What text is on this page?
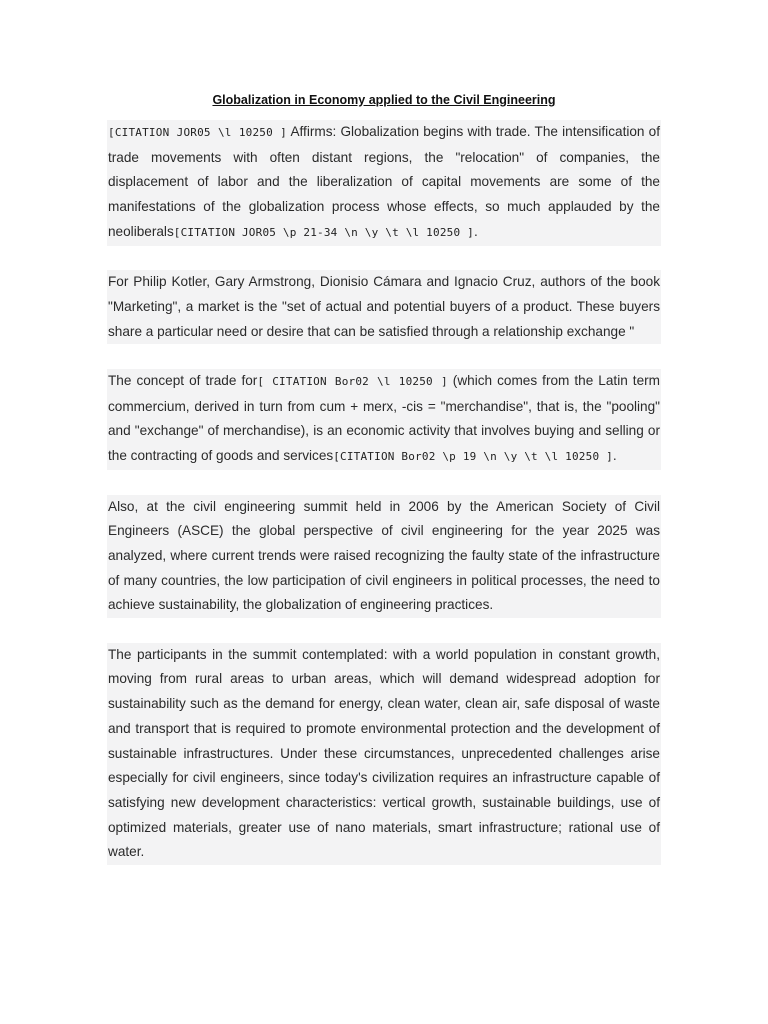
Globalization in Economy applied to the Civil Engineering

[CITATION JOR05 \l 10250 ] Affirms: Globalization begins with trade. The intensification of trade movements with often distant regions, the "relocation" of companies, the displacement of labor and the liberalization of capital movements are some of the manifestations of the globalization process whose effects, so much applauded by the neoliberals[CITATION JOR05 \p 21-34 \n \y \t \l 10250 ].

For Philip Kotler, Gary Armstrong, Dionisio Cámara and Ignacio Cruz, authors of the book "Marketing", a market is the "set of actual and potential buyers of a product. These buyers share a particular need or desire that can be satisfied through a relationship exchange "

The concept of trade for[ CITATION Bor02 \l 10250 ] (which comes from the Latin term commercium, derived in turn from cum + merx, -cis = "merchandise", that is, the "pooling" and "exchange" of merchandise), is an economic activity that involves buying and selling or the contracting of goods and services[CITATION Bor02 \p 19 \n \y \t \l 10250 ].

Also, at the civil engineering summit held in 2006 by the American Society of Civil Engineers (ASCE) the global perspective of civil engineering for the year 2025 was analyzed, where current trends were raised recognizing the faulty state of the infrastructure of many countries, the low participation of civil engineers in political processes, the need to achieve sustainability, the globalization of engineering practices.

The participants in the summit contemplated: with a world population in constant growth, moving from rural areas to urban areas, which will demand widespread adoption for sustainability such as the demand for energy, clean water, clean air, safe disposal of waste and transport that is required to promote environmental protection and the development of sustainable infrastructures. Under these circumstances, unprecedented challenges arise especially for civil engineers, since today's civilization requires an infrastructure capable of satisfying new development characteristics: vertical growth, sustainable buildings, use of optimized materials, greater use of nano materials, smart infrastructure; rational use of water.
